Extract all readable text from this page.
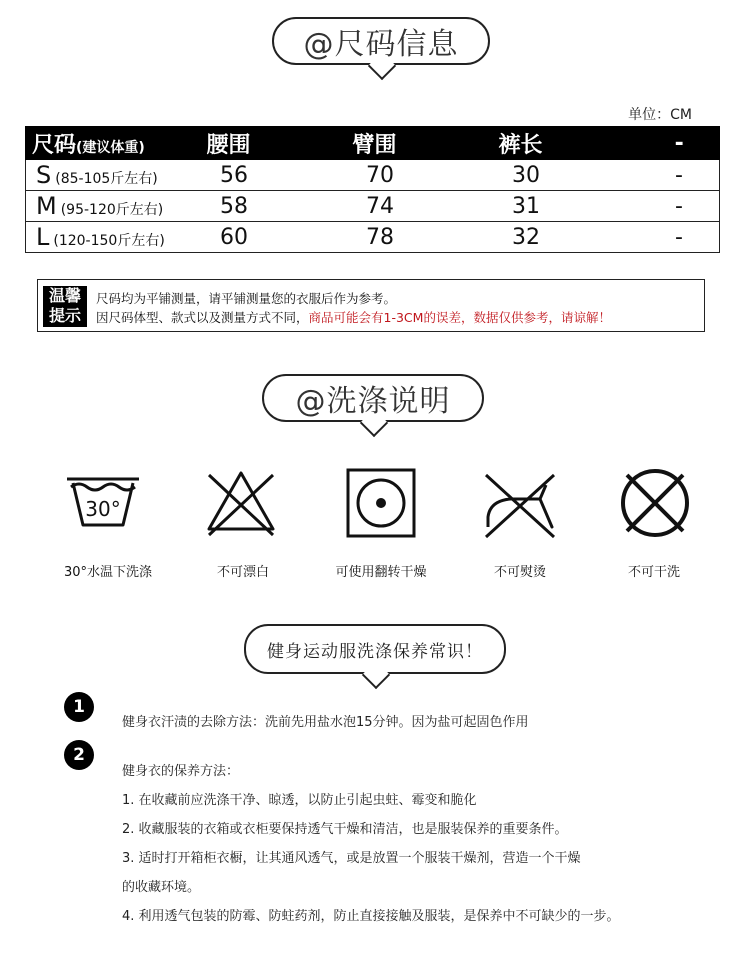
@尺码信息
单位：CM
尺码(建议体重)	腰围	臂围	裤长	-
S (85-105斤左右)	56	70	30	-
M (95-120斤左右)	58	74	31	-
L (120-150斤左右)	60	78	32	-
温馨
提示
尺码均为平铺测量，请平铺测量您的衣服后作为参考。
因尺码体型、款式以及测量方式不同，商品可能会有1-3CM的误差，数据仅供参考，请谅解！
@洗涤说明
30°
30°水温下洗涤	不可漂白	可使用翻转干燥	不可熨烫	不可干洗
健身运动服洗涤保养常识！
1
健身衣汗渍的去除方法：洗前先用盐水泡15分钟。因为盐可起固色作用
2
健身衣的保养方法：
1. 在收藏前应洗涤干净、晾透，以防止引起虫蛀、霉变和脆化
2. 收藏服装的衣箱或衣柜要保持透气干燥和清洁，也是服装保养的重要条件。
3. 适时打开箱柜衣橱，让其通风透气，或是放置一个服装干燥剂，营造一个干燥
的收藏环境。
4. 利用透气包装的防霉、防蛀药剂，防止直接接触及服装，是保养中不可缺少的一步。
